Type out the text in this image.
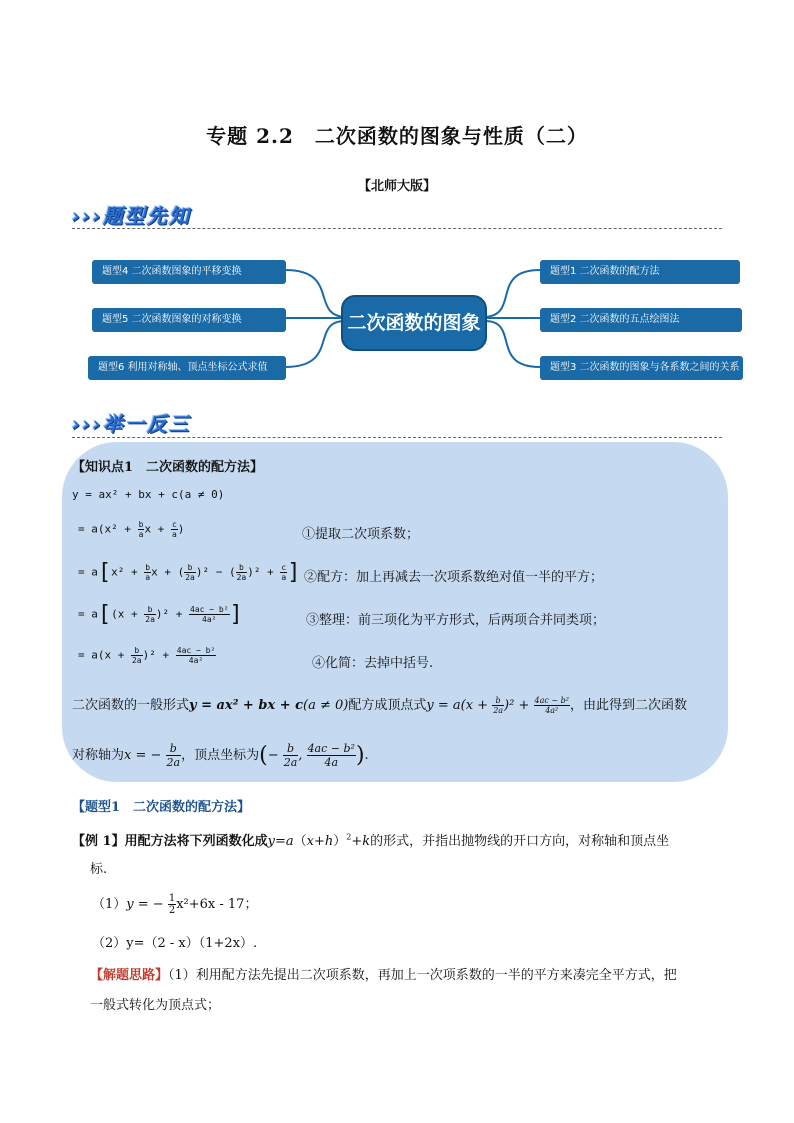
专题 2.2　二次函数的图象与性质（二）
【北师大版】
›››题型先知
题型4 二次函数图象的平移变换
题型5 二次函数图象的对称变换
题型6 利用对称轴、顶点坐标公式求值
二次函数的图象
题型1 二次函数的配方法
题型2 二次函数的五点绘图法
题型3 二次函数的图象与各系数之间的关系
›››举一反三
【知识点1　二次函数的配方法】
y = ax² + bx + c(a ≠ 0)
= $a(x^2 + \frac{b}{a}$ $x + \frac{c}{a}$ )	①提取二次项系数；
= $a[x^2 + \frac{b}{a}$ x + ( $\frac{b}{2a} )^2$ − ( $\frac{b}{2a} )^2 + \frac{c}{a}$ ] ②配方：加上再减去一次项系数绝对值一半的平方；
= $a[(x + \frac{b}{2a} )^2 + \frac{\text{4ac − b²}}{\text{4a²}}$ ]	③整理：前三项化为平方形式，后两项合并同类项；
= $a(x + \frac{b}{2a} )^2 + \frac{\text{4ac − b²}}{\text{4a²}}$	④化简：去掉中括号.
二次函数的一般形式y = ax² + bx + c(a ≠ 0)配方成顶点式$y = a(x + \frac{b}{2a} )^2 + \frac{\text{4ac − b²}}{\text{4a²}}$ ，由此得到二次函数
对称轴为x = − $\frac{b}{2a}$ ，顶点坐标为(− $\frac{b}{2a}$ , $\frac{\text{4ac − b²}}{4a}$ ).
【题型1　二次函数的配方法】
【例 1】用配方法将下列函数化成$y=a(x+h)^2+k$的形式，并指出抛物线的开口方向，对称轴和顶点坐
标.
（1）y = − $\frac{1}{2} x^2+6x - 17$；
（2）y=（2 - x）（1+2x）.
【解题思路】（1）利用配方法先提出二次项系数，再加上一次项系数的一半的平方来凑完全平方式，把
一般式转化为顶点式；
